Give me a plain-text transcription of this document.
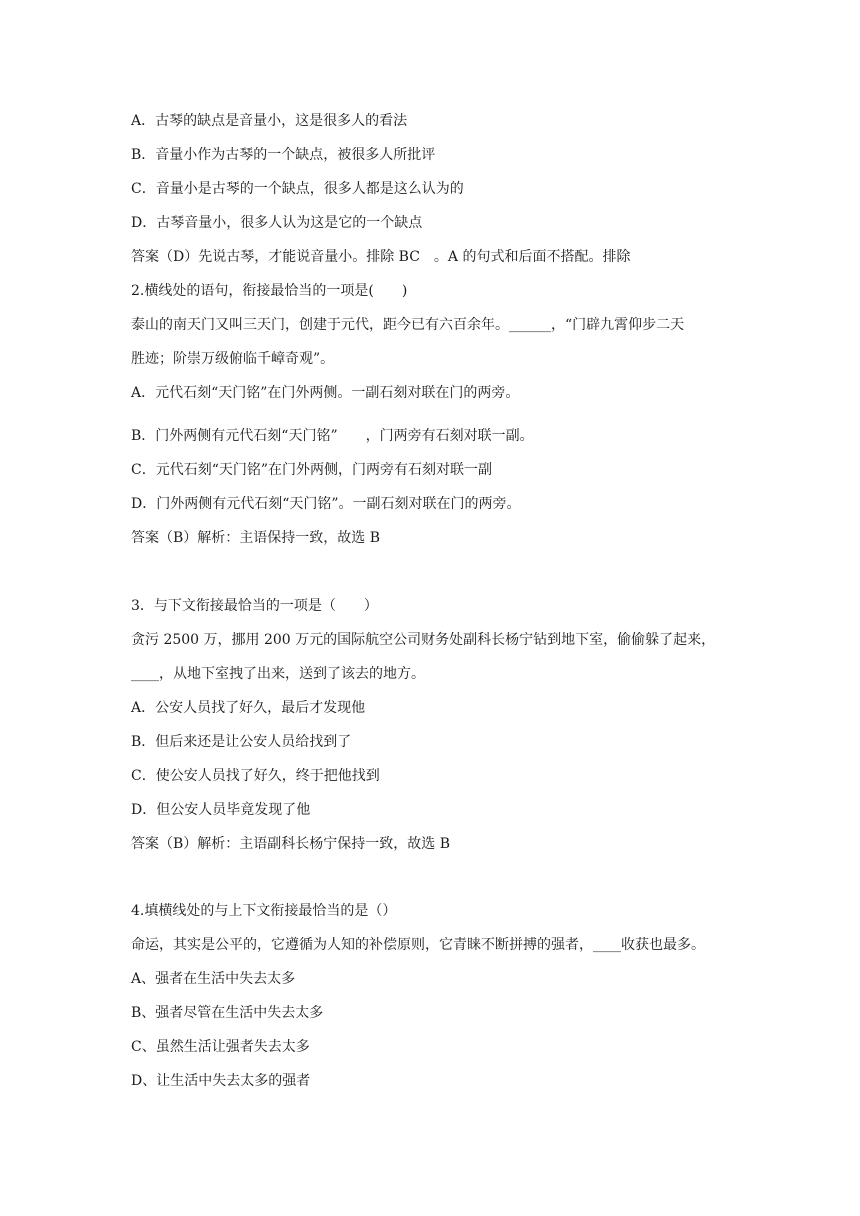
A．古琴的缺点是音量小，这是很多人的看法
B．音量小作为古琴的一个缺点，被很多人所批评
C．音量小是古琴的一个缺点，很多人都是这么认为的
D．古琴音量小，很多人认为这是它的一个缺点
答案（D）先说古琴，才能说音量小。排除 BC　。A 的句式和后面不搭配。排除
2.横线处的语句，衔接最恰当的一项是(　　)
泰山的南天门又叫三天门，创建于元代，距今已有六百余年。______，“门辟九霄仰步二天
胜迹；阶崇万级俯临千嶂奇观”。
A．元代石刻“天门铭”在门外两侧。一副石刻对联在门的两旁。
B．门外两侧有元代石刻“天门铭”　　，门两旁有石刻对联一副。
C．元代石刻“天门铭”在门外两侧，门两旁有石刻对联一副
D．门外两侧有元代石刻“天门铭”。一副石刻对联在门的两旁。
答案（B）解析：主语保持一致，故选 B
3．与下文衔接最恰当的一项是（　　）
贪污 2500 万，挪用 200 万元的国际航空公司财务处副科长杨宁钻到地下室，偷偷躲了起来，
____，从地下室拽了出来，送到了该去的地方。
A．公安人员找了好久，最后才发现他
B．但后来还是让公安人员给找到了
C．使公安人员找了好久，终于把他找到
D．但公安人员毕竟发现了他
答案（B）解析：主语副科长杨宁保持一致，故选 B
4.填横线处的与上下文衔接最恰当的是（）
命运，其实是公平的，它遵循为人知的补偿原则，它青睐不断拼搏的强者，____收获也最多。
A、强者在生活中失去太多
B、强者尽管在生活中失去太多
C、虽然生活让强者失去太多
D、让生活中失去太多的强者
